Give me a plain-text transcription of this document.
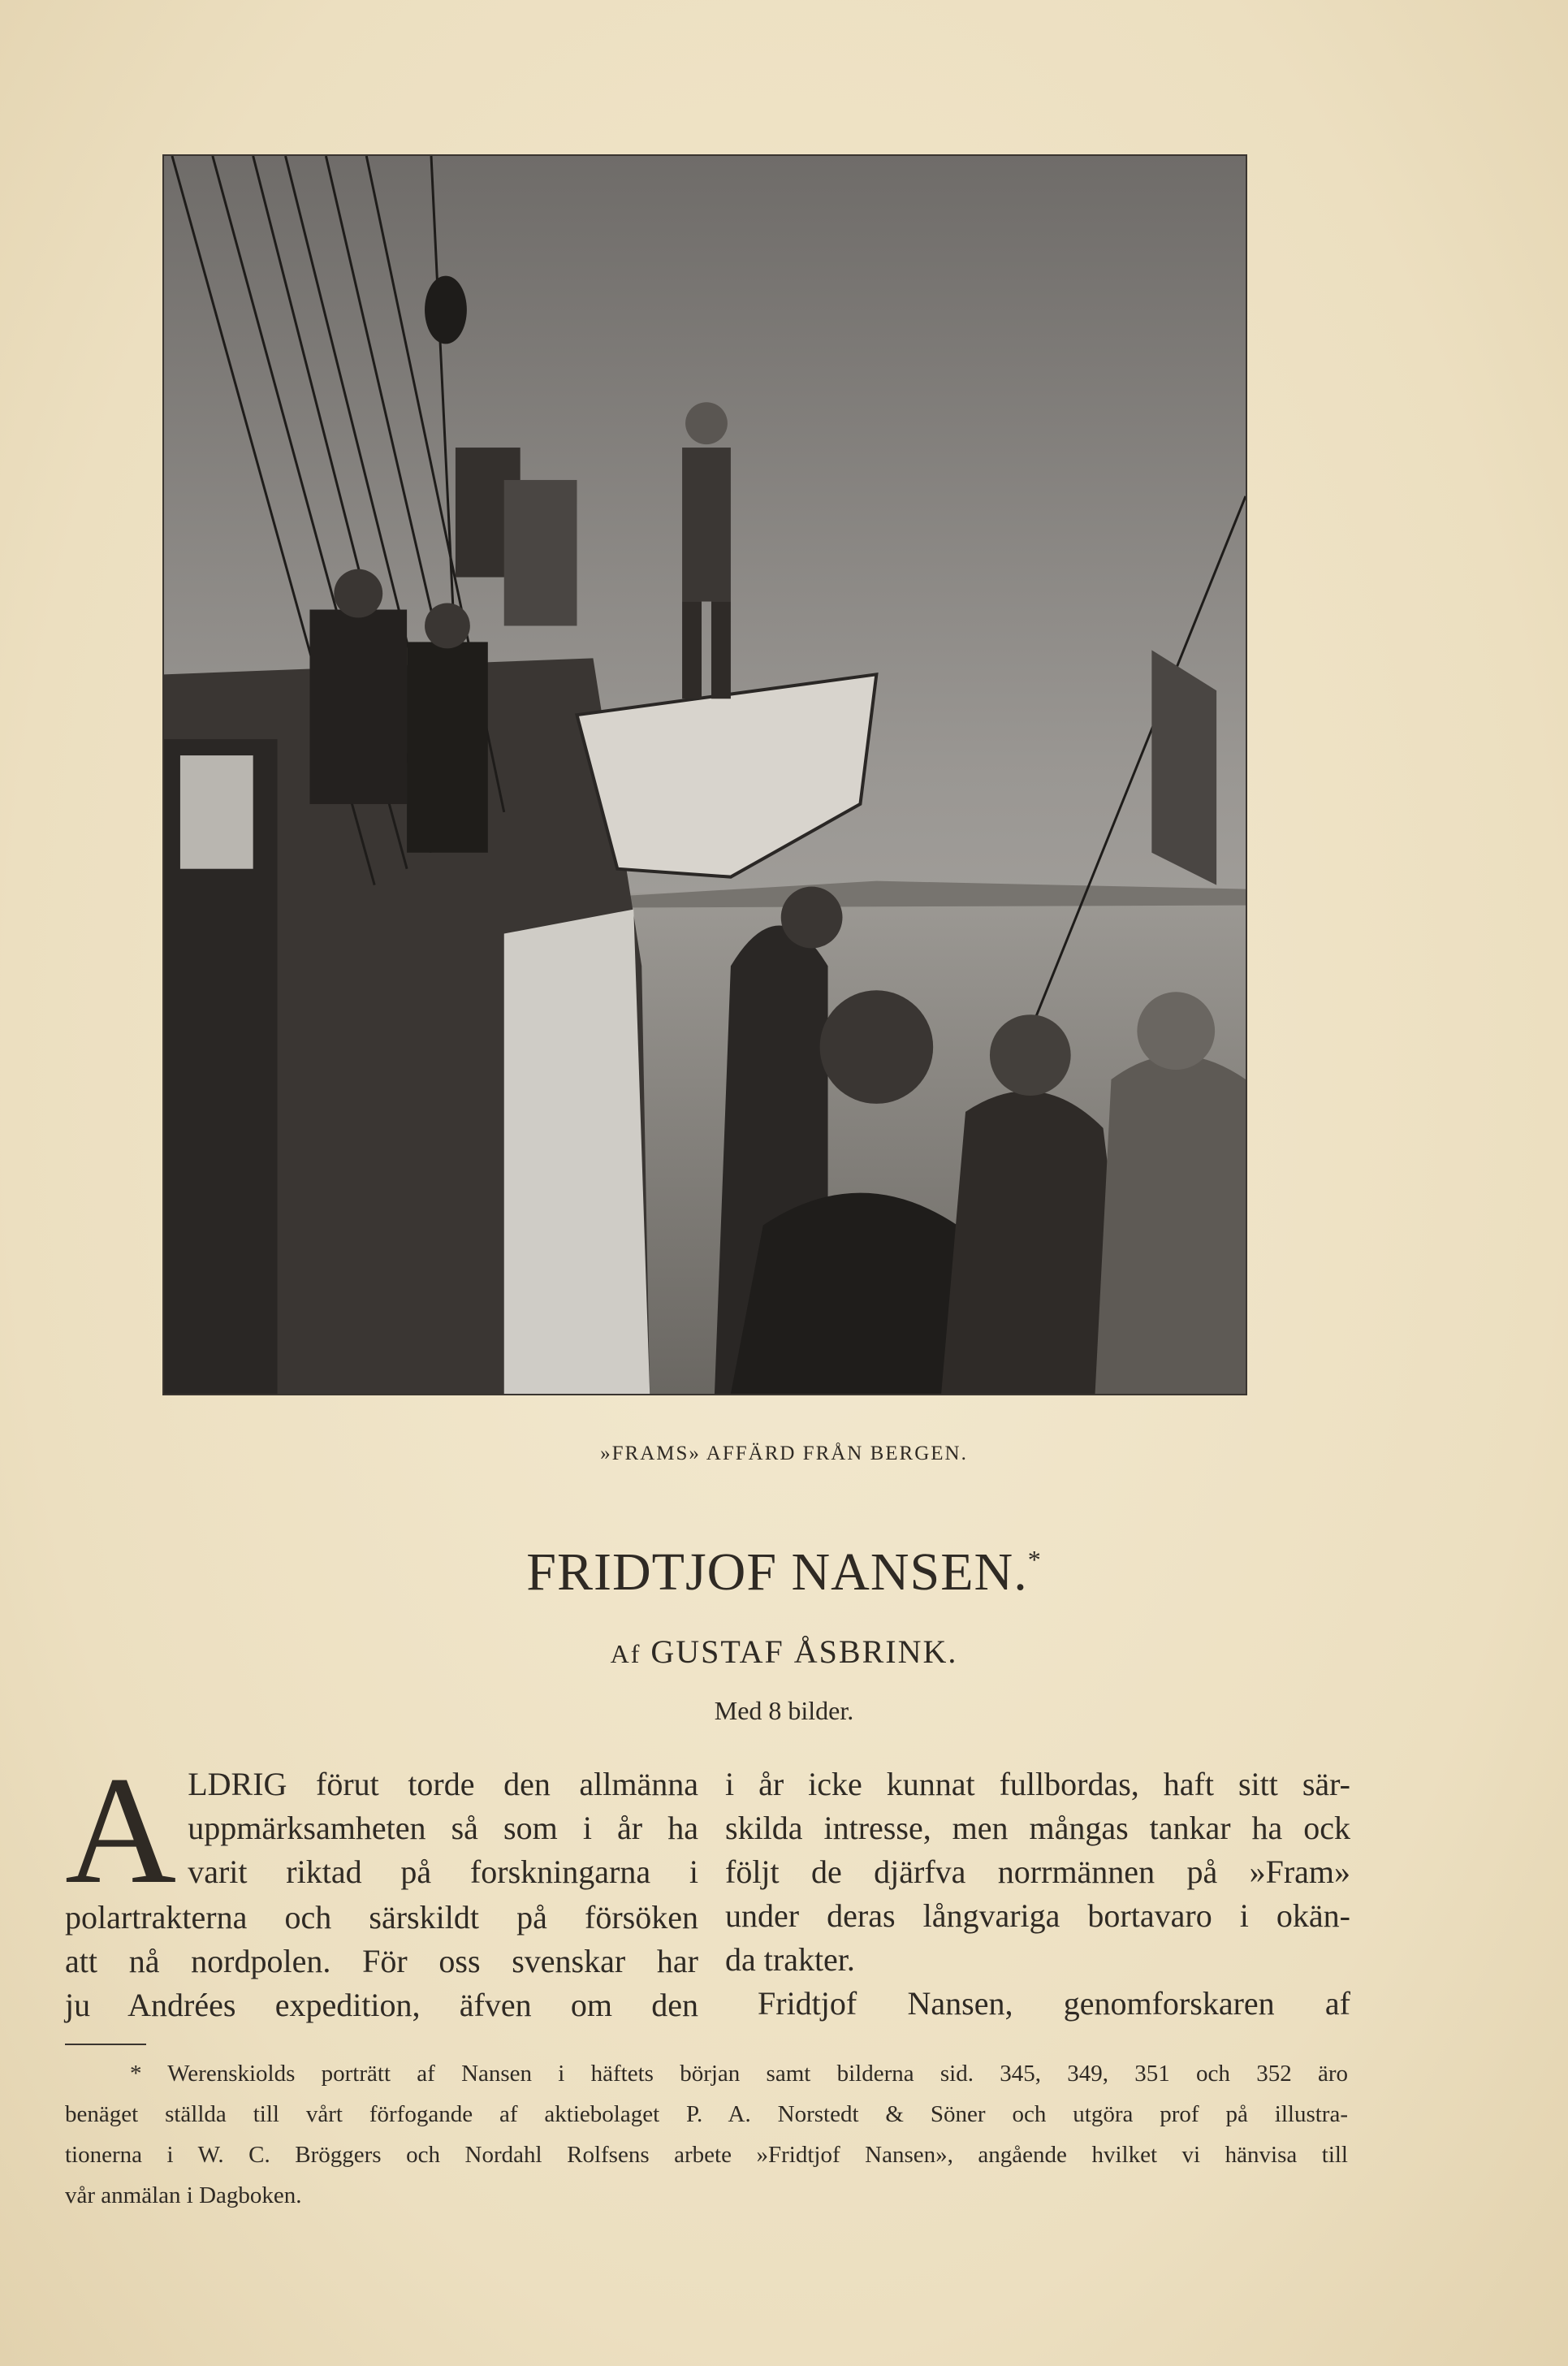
»FRAMS» AFFÄRD FRÅN BERGEN.
FRIDTJOF NANSEN.*
Af GUSTAF ÅSBRINK.
Med 8 bilder.
A LDRIG förut torde den allmänna
uppmärksamheten så som i år ha
varit riktad på forskningarna i
polartrakterna och särskildt på försöken
att nå nordpolen. För oss svenskar har
ju Andrées expedition, äfven om den
i år icke kunnat fullbordas, haft sitt sär-
skilda intresse, men mångas tankar ha ock
följt de djärfva norrmännen på »Fram»
under deras långvariga bortavaro i okän-
da trakter.
Fridtjof Nansen, genomforskaren af
* Werenskiolds porträtt af Nansen i häftets början samt bilderna sid. 345, 349, 351 och 352 äro
benäget ställda till vårt förfogande af aktiebolaget P. A. Norstedt & Söner och utgöra prof på illustra-
tionerna i W. C. Bröggers och Nordahl Rolfsens arbete »Fridtjof Nansen», angående hvilket vi hänvisa till
vår anmälan i Dagboken.
